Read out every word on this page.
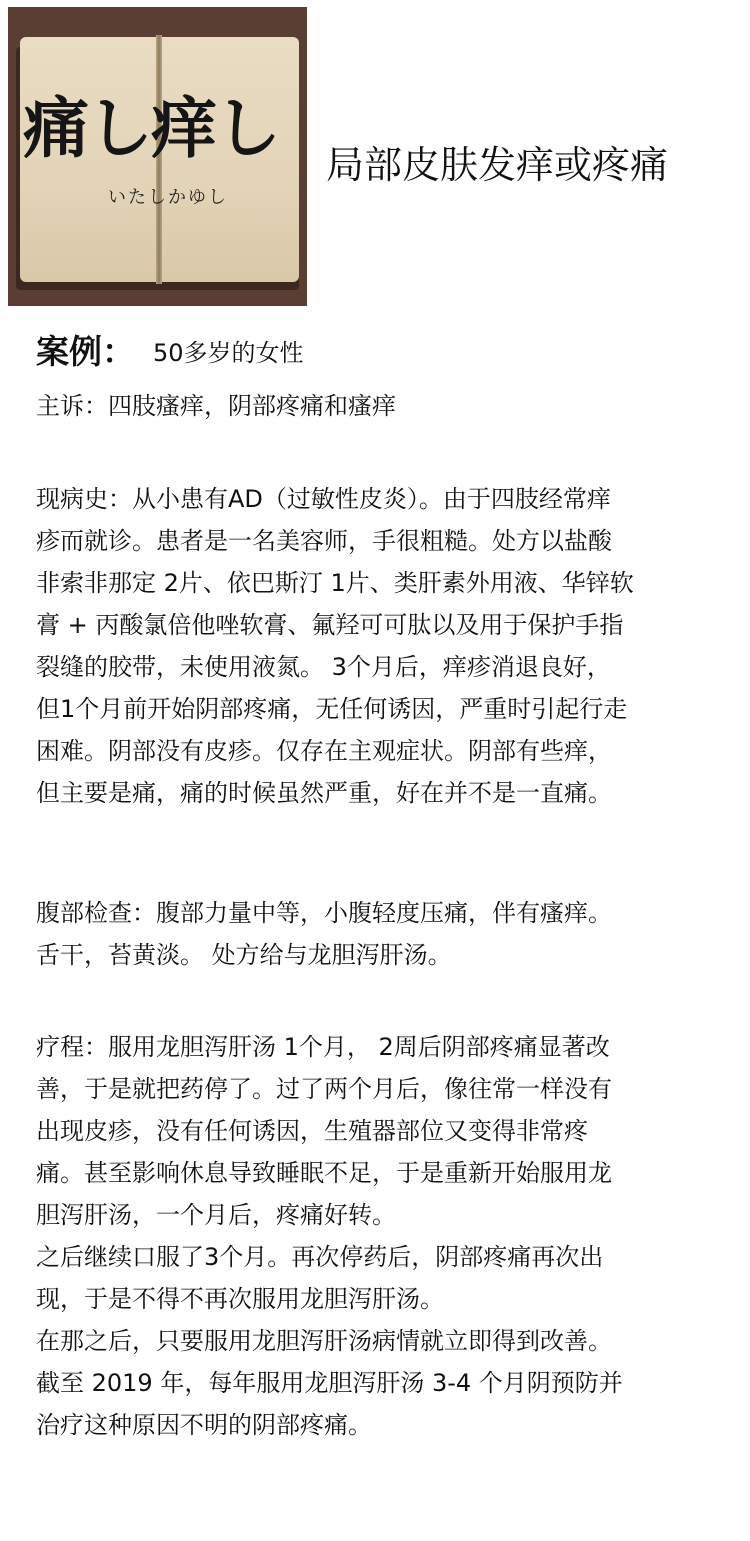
痛し痒し
いたしかゆし
局部皮肤发痒或疼痛
案例： 50多岁的女性
主诉：四肢瘙痒，阴部疼痛和瘙痒
现病史：从小患有AD（过敏性皮炎）。由于四肢经常痒
疹而就诊。患者是一名美容师，手很粗糙。处方以盐酸
非索非那定 2片、依巴斯汀 1片、类肝素外用液、华锌软
膏 + 丙酸氯倍他唑软膏、氟羟可可肽以及用于保护手指
裂缝的胶带，未使用液氮。 3个月后，痒疹消退良好，
但1个月前开始阴部疼痛，无任何诱因，严重时引起行走
困难。阴部没有皮疹。仅存在主观症状。阴部有些痒，
但主要是痛，痛的时候虽然严重，好在并不是一直痛。
腹部检查：腹部力量中等，小腹轻度压痛，伴有瘙痒。
舌干，苔黄淡。 处方给与龙胆泻肝汤。
疗程：服用龙胆泻肝汤 1个月， 2周后阴部疼痛显著改
善，于是就把药停了。过了两个月后，像往常一样没有
出现皮疹，没有任何诱因，生殖器部位又变得非常疼
痛。甚至影响休息导致睡眠不足，于是重新开始服用龙
胆泻肝汤，一个月后，疼痛好转。
之后继续口服了3个月。再次停药后，阴部疼痛再次出
现，于是不得不再次服用龙胆泻肝汤。
在那之后，只要服用龙胆泻肝汤病情就立即得到改善。
截至 2019 年，每年服用龙胆泻肝汤 3-4 个月阴预防并
治疗这种原因不明的阴部疼痛。
